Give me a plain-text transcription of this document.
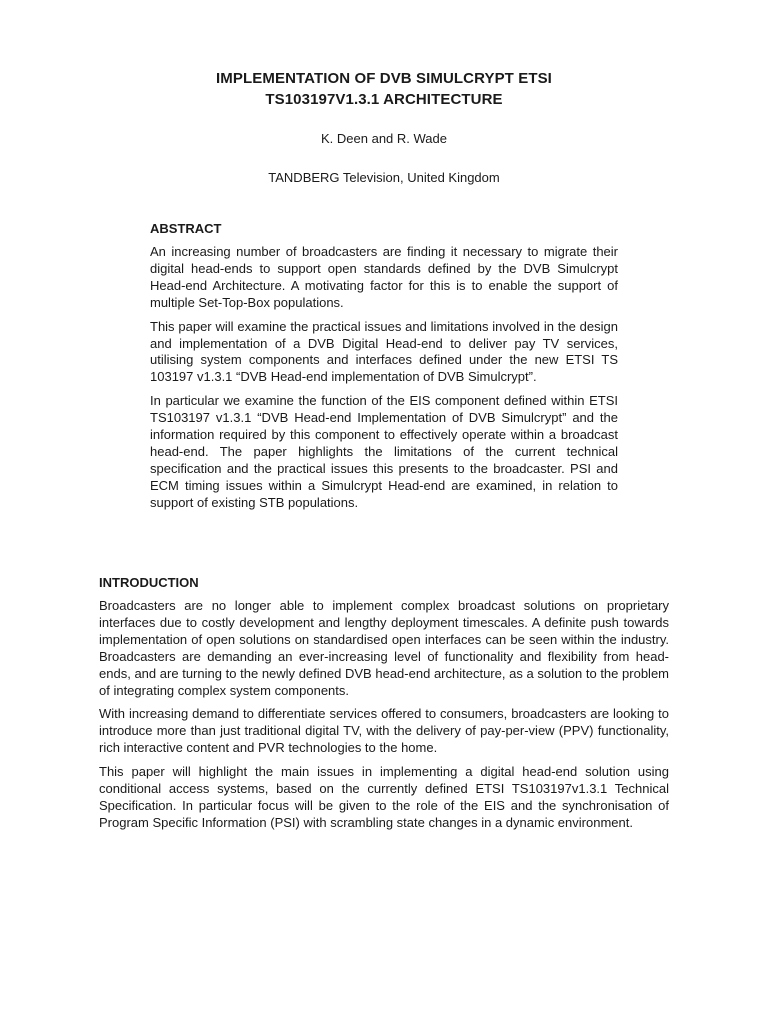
IMPLEMENTATION OF DVB SIMULCRYPT ETSI
TS103197V1.3.1 ARCHITECTURE
K. Deen and R. Wade
TANDBERG Television, United Kingdom
ABSTRACT

An increasing number of broadcasters are finding it necessary to migrate their digital head-ends to support open standards defined by the DVB Simulcrypt Head-end Architecture. A motivating factor for this is to enable the support of multiple Set-Top-Box populations.

This paper will examine the practical issues and limitations involved in the design and implementation of a DVB Digital Head-end to deliver pay TV services, utilising system components and interfaces defined under the new ETSI TS 103197 v1.3.1 “DVB Head-end implementation of DVB Simulcrypt”.

In particular we examine the function of the EIS component defined within ETSI TS103197 v1.3.1 “DVB Head-end Implementation of DVB Simulcrypt” and the information required by this component to effectively operate within a broadcast head-end. The paper highlights the limitations of the current technical specification and the practical issues this presents to the broadcaster. PSI and ECM timing issues within a Simulcrypt Head-end are examined, in relation to support of existing STB populations.

INTRODUCTION

Broadcasters are no longer able to implement complex broadcast solutions on proprietary interfaces due to costly development and lengthy deployment timescales. A definite push towards implementation of open solutions on standardised open interfaces can be seen within the industry. Broadcasters are demanding an ever-increasing level of functionality and flexibility from head-ends, and are turning to the newly defined DVB head-end architecture, as a solution to the problem of integrating complex system components.

With increasing demand to differentiate services offered to consumers, broadcasters are looking to introduce more than just traditional digital TV, with the delivery of pay-per-view (PPV) functionality, rich interactive content and PVR technologies to the home.

This paper will highlight the main issues in implementing a digital head-end solution using conditional access systems, based on the currently defined ETSI TS103197v1.3.1 Technical Specification. In particular focus will be given to the role of the EIS and the synchronisation of Program Specific Information (PSI) with scrambling state changes in a dynamic environment.
